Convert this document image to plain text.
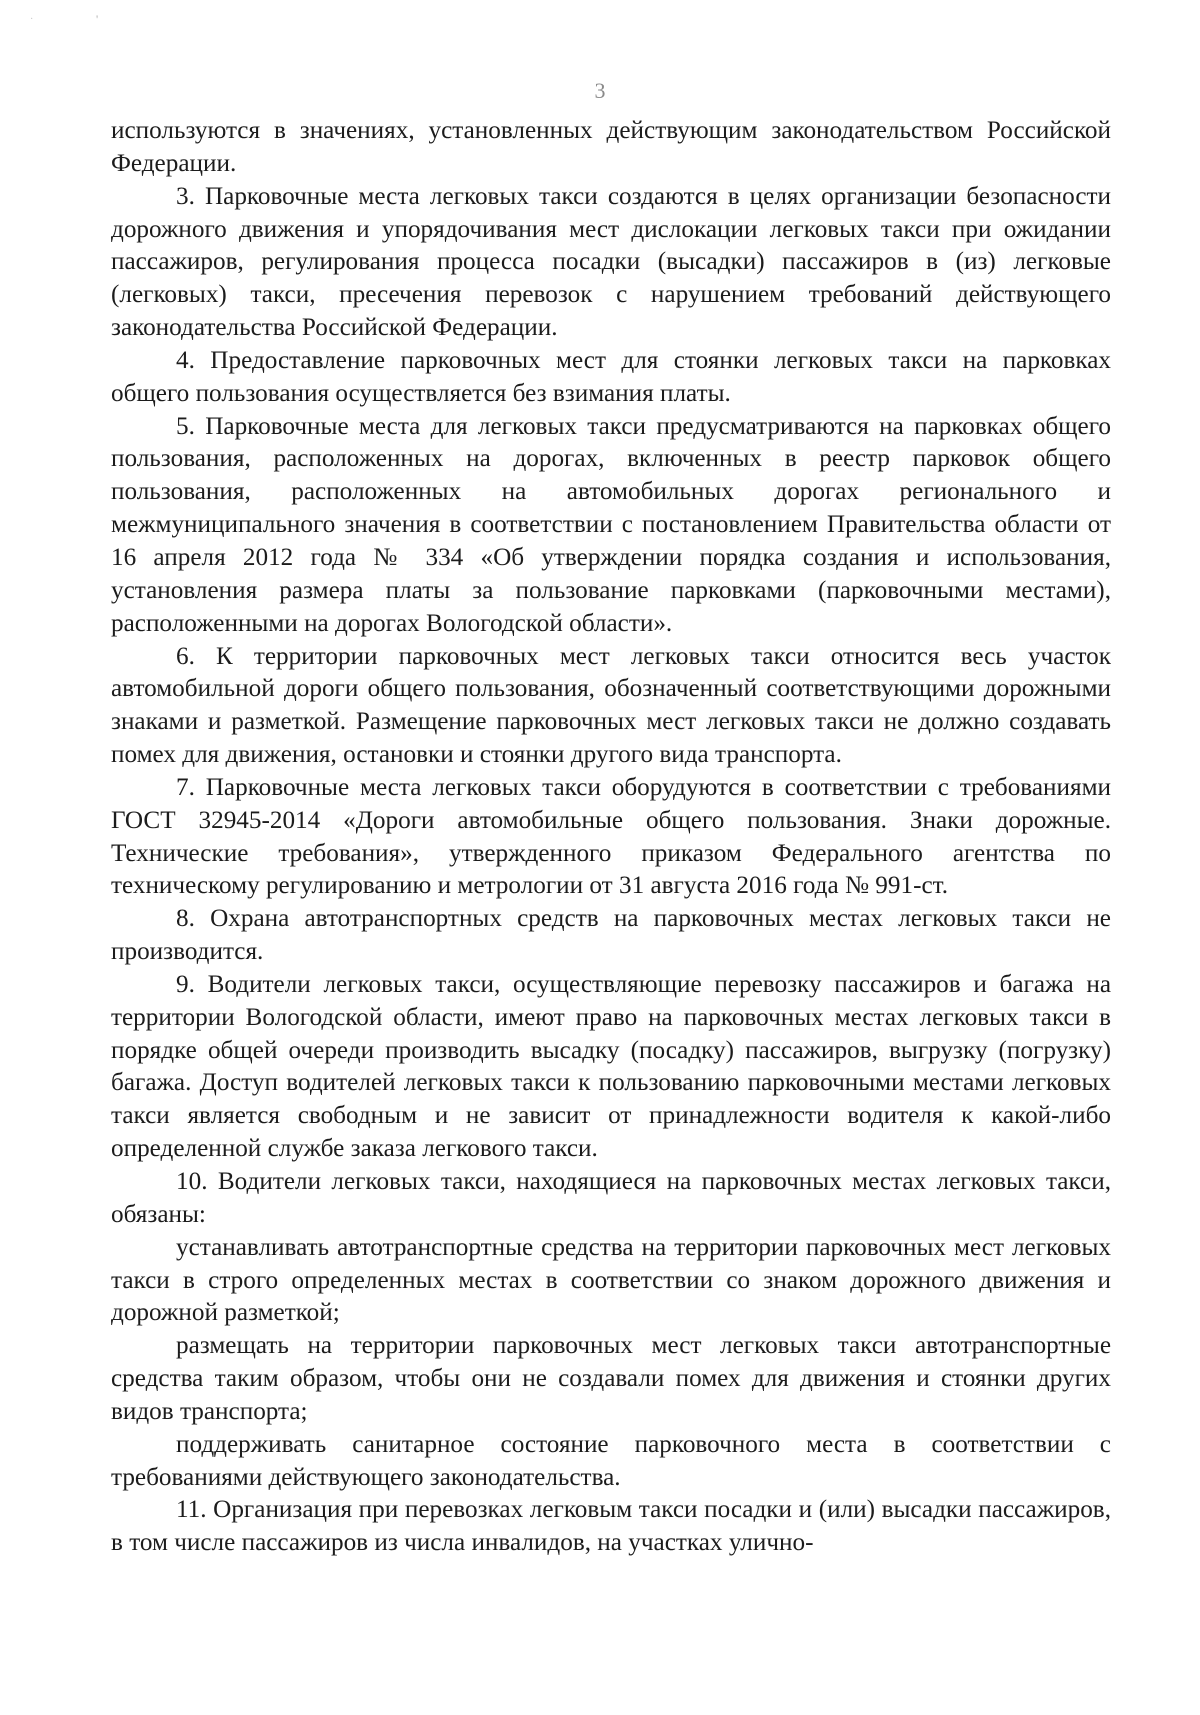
·	'
3

используются в значениях, установленных действующим законодательством Российской Федерации.

3. Парковочные места легковых такси создаются в целях организации безопасности дорожного движения и упорядочивания мест дислокации легковых такси при ожидании пассажиров, регулирования процесса посадки (высадки) пассажиров в (из) легковые (легковых) такси, пресечения перевозок с нарушением требований действующего законодательства Российской Федерации.

4. Предоставление парковочных мест для стоянки легковых такси на парковках общего пользования осуществляется без взимания платы.

5. Парковочные места для легковых такси предусматриваются на парковках общего пользования, расположенных на дорогах, включенных в реестр парковок общего пользования, расположенных на автомобильных дорогах регионального и межмуниципального значения в соответствии с постановлением Правительства области от 16 апреля 2012 года № 334 «Об утверждении порядка создания и использования, установления размера платы за пользование парковками (парковочными местами), расположенными на дорогах Вологодской области».

6. К территории парковочных мест легковых такси относится весь участок автомобильной дороги общего пользования, обозначенный соответствующими дорожными знаками и разметкой. Размещение парковочных мест легковых такси не должно создавать помех для движения, остановки и стоянки другого вида транспорта.

7. Парковочные места легковых такси оборудуются в соответствии с требованиями ГОСТ 32945-2014 «Дороги автомобильные общего пользования. Знаки дорожные. Технические требования», утвержденного приказом Федерального агентства по техническому регулированию и метрологии от 31 августа 2016 года № 991-ст.

8. Охрана автотранспортных средств на парковочных местах легковых такси не производится.

9. Водители легковых такси, осуществляющие перевозку пассажиров и багажа на территории Вологодской области, имеют право на парковочных местах легковых такси в порядке общей очереди производить высадку (посадку) пассажиров, выгрузку (погрузку) багажа. Доступ водителей легковых такси к пользованию парковочными местами легковых такси является свободным и не зависит от принадлежности водителя к какой-либо определенной службе заказа легкового такси.

10. Водители легковых такси, находящиеся на парковочных местах легковых такси, обязаны:

устанавливать автотранспортные средства на территории парковочных мест легковых такси в строго определенных местах в соответствии со знаком дорожного движения и дорожной разметкой;

размещать на территории парковочных мест легковых такси автотранспортные средства таким образом, чтобы они не создавали помех для движения и стоянки других видов транспорта;

поддерживать санитарное состояние парковочного места в соответствии с требованиями действующего законодательства.

11. Организация при перевозках легковым такси посадки и (или) высадки пассажиров, в том числе пассажиров из числа инвалидов, на участках улично-
